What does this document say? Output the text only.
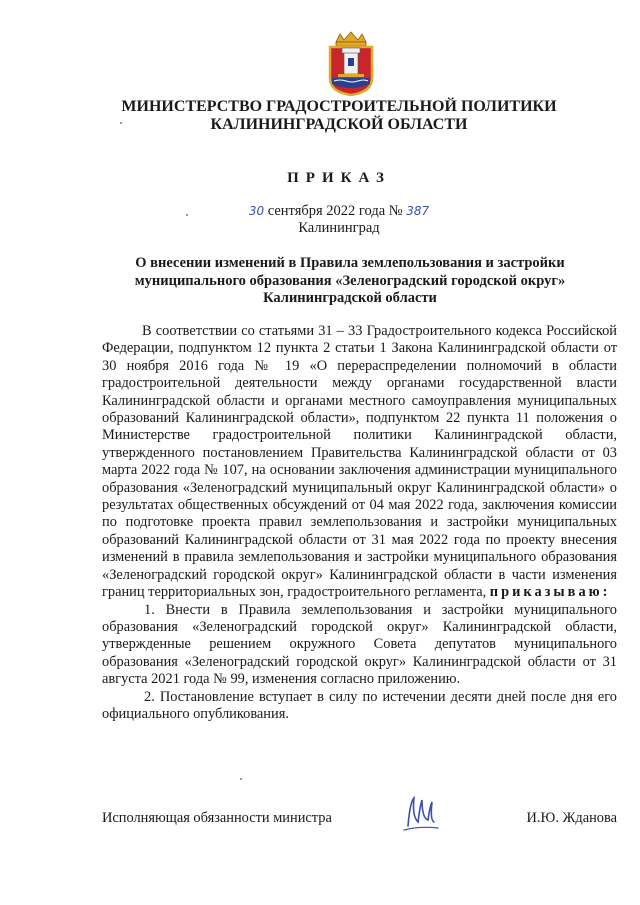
МИНИСТЕРСТВО ГРАДОСТРОИТЕЛЬНОЙ ПОЛИТИКИ
КАЛИНИНГРАДСКОЙ ОБЛАСТИ
ПРИКАЗ
30 сентября 2022 года № 387
Калининград
О внесении изменений в Правила землепользования и застройки
муниципального образования «Зеленоградский городской округ»
Калининградской области

В соответствии со статьями 31 – 33 Градостроительного кодекса Российской Федерации, подпунктом 12 пункта 2 статьи 1 Закона Калининградской области от 30 ноября 2016 года № 19 «О перераспределении полномочий в области градостроительной деятельности между органами государственной власти Калининградской области и органами местного самоуправления муниципальных образований Калининградской области», подпунктом 22 пункта 11 положения о Министерстве градостроительной политики Калининградской области, утвержденного постановлением Правительства Калининградской области от 03 марта 2022 года № 107, на основании заключения администрации муниципального образования «Зеленоградский муниципальный округ Калининградской области» о результатах общественных обсуждений от 04 мая 2022 года, заключения комиссии по подготовке проекта правил землепользования и застройки муниципальных образований Калининградской области от 31 мая 2022 года по проекту внесения изменений в правила землепользования и застройки муниципального образования «Зеленоградский городской округ» Калининградской области в части изменения границ территориальных зон, градостроительного регламента, приказываю:

1. Внести в Правила землепользования и застройки муниципального образования «Зеленоградский городской округ» Калининградской области, утвержденные решением окружного Совета депутатов муниципального образования «Зеленоградский городской округ» Калининградской области от 31 августа 2021 года № 99, изменения согласно приложению.

2. Постановление вступает в силу по истечении десяти дней после дня его официального опубликования.

Исполняющая обязанности министра	И.Ю. Жданова
